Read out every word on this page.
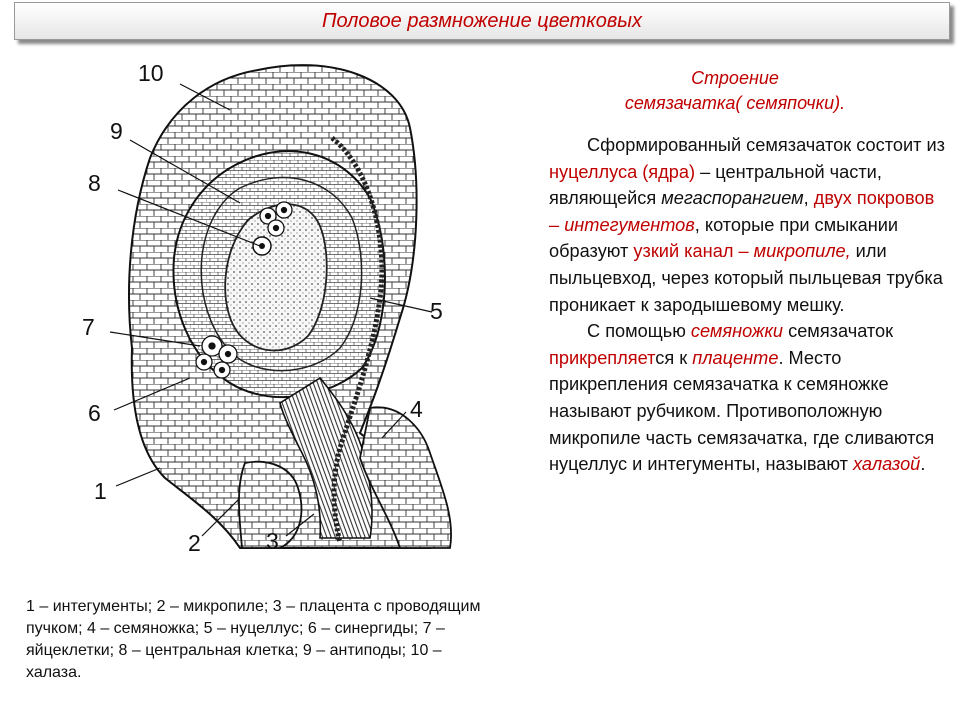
Половое размножение цветковых
10
9
8
7
6
1
2	3
4
5
1 – интегументы; 2 – микропиле; 3 – плацента с проводящим пучком; 4 – семяножка; 5 – нуцеллус; 6 – синергиды; 7 – яйцеклетки; 8 – центральная клетка; 9 – антиподы; 10 – халаза.
Строение
семязачатка( семяпочки).

Сформированный семязачаток состоит из нуцеллуса (ядра) – центральной части, являющейся мегаспорангием, двух покровов – интегументов, которые при смыкании образуют узкий канал – микропиле, или пыльцевход, через который пыльцевая трубка проникает к зародышевому мешку.

С помощью семяножки семязачаток прикрепляется к плаценте. Место прикрепления семязачатка к семяножке называют рубчиком. Противоположную микропиле часть семязачатка, где сливаются нуцеллус и интегументы, называют халазой.
